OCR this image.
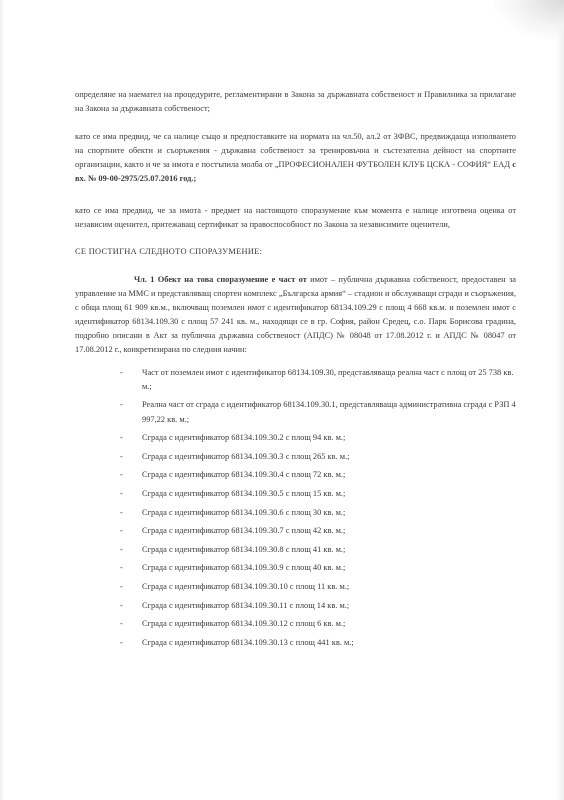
определяне на наемател на процедурите, регламентирани в Закона за държавната собственост и Правилника за прилагане на Закона за държавната собственост;

като се има предвид, че са налице също и предпоставките на нормата на чл.50, ал.2 от ЗФВС, предвиждаща изполването на спортните обекти и съоръжения - държавна собственост за тренировъчна и състезателна дейност на спортните организации, както и че за имота е постъпила молба от „ПРОФЕСИОНАЛЕН ФУТБОЛЕН КЛУБ ЦСКА - СОФИЯ“ ЕАД с вх. № 09-00-2975/25.07.2016 год.;

като се има предвид, че за имота - предмет на настоящото споразумение към момента е налице изготвена оценка от независим оценител, притежаващ сертификат за правоспособност по Закона за независимите оценители,

СЕ ПОСТИГНА СЛЕДНОТО СПОРАЗУМЕНИЕ:

Чл. 1 Обект на това споразумение е част от имот – публична държавна собственост, предоставен за управление на ММС и представляващ спортен комплекс „Българска армия“ – стадион и обслужващи сгради и съоръжения, с обща площ 61 909 кв.м., включващ поземлен имот с идентификатор 68134.109.29 с площ 4 668 кв.м. и поземлен имот с идентификатор 68134.109.30 с площ 57 241 кв. м., находящи се в гр. София, район Средец, с.о. Парк Борисова градина, подробно описани в Акт за публична държавна собственост (АПДС) № 08048 от 17.08.2012 г. и АПДС № 08047 от 17.08.2012 г., конкретизирана по следния начин:

- Част от поземлен имот с идентификатор 68134.109.30, представляваща реална част с площ от 25 738 кв. м.;
- Реална част от сграда с идентификатор 68134.109.30.1, представляваща административна сграда с РЗП 4 997,22 кв. м.;
- Сграда с идентификатор 68134.109.30.2 с площ 94 кв. м.;
- Сграда с идентификатор 68134.109.30.3 с площ 265 кв. м.;
- Сграда с идентификатор 68134.109.30.4 с площ 72 кв. м.;
- Сграда с идентификатор 68134.109.30.5 с площ 15 кв. м.;
- Сграда с идентификатор 68134.109.30.6 с площ 30 кв. м.;
- Сграда с идентификатор 68134.109.30.7 с площ 42 кв. м.;
- Сграда с идентификатор 68134.109.30.8 с площ 41 кв. м.;
- Сграда с идентификатор 68134.109.30.9 с площ 40 кв. м.;
- Сграда с идентификатор 68134.109.30.10 с площ 11 кв. м.;
- Сграда с идентификатор 68134.109.30.11 с площ 14 кв. м.;
- Сграда с идентификатор 68134.109.30.12 с площ 6 кв. м.;
- Сграда с идентификатор 68134.109.30.13 с площ 441 кв. м.;
